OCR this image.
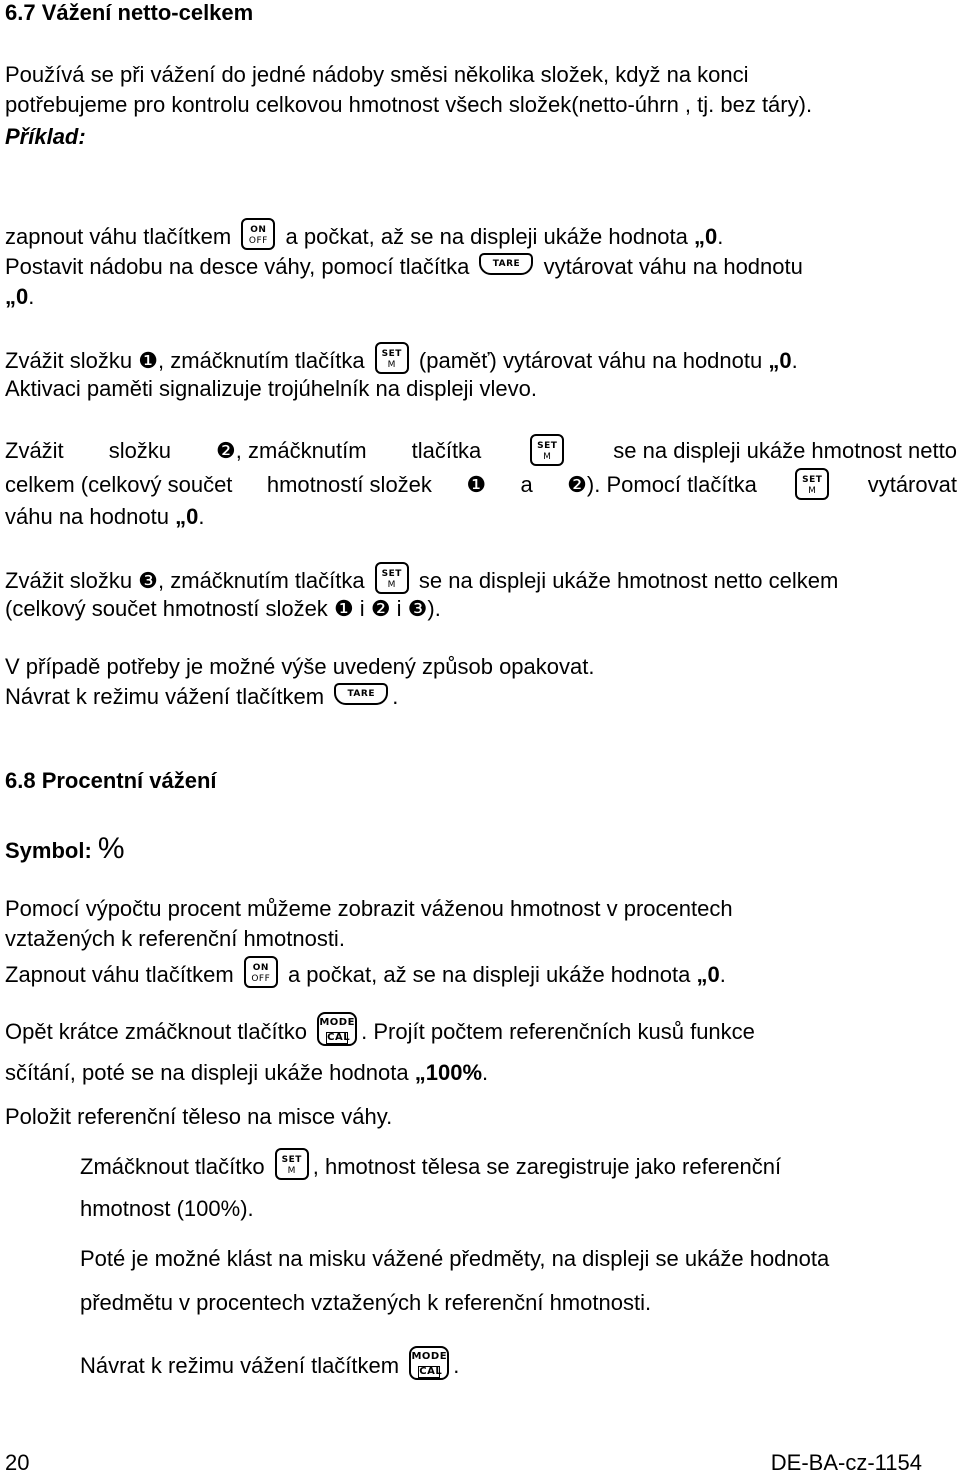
6.7 Vážení netto-celkem
Používá se při vážení do jedné nádoby směsi několika složek, když na konci
potřebujeme pro kontrolu celkovou hmotnost všech složek(netto-úhrn , tj. bez táry).
Příklad:
zapnout váhu tlačítkem	ON
OFF a počkat, až se na displeji ukáže hodnota „0.
Postavit nádobu na desce váhy, pomocí tlačítka	TARE	vytárovat váhu na hodnotu
„0.
Zvážit složku ❶, zmáčknutím tlačítka	SET
M	(paměť) vytárovat váhu na hodnotu „0.
Aktivaci paměti signalizuje trojúhelník na displeji vlevo.
Zvážit složku ❷, zmáčknutím tlačítka	SET
M	se na displeji ukáže hmotnost netto
celkem (celkový součet hmotností složek ❶ a ❷). Pomocí tlačítka	SET
M	vytárovat
váhu na hodnotu „0.
Zvážit složku ❸, zmáčknutím tlačítka	SET
M	se na displeji ukáže hmotnost netto celkem
(celkový součet hmotností složek ❶ i ❷ i ❸).
V případě potřeby je možné výše uvedený způsob opakovat.
Návrat k režimu vážení tlačítkem	TARE .
6.8 Procentní vážení
Symbol: %
Pomocí výpočtu procent můžeme zobrazit váženou hmotnost v procentech
vztažených k referenční hmotnosti.
Zapnout váhu tlačítkem	ON
OFF a počkat, až se na displeji ukáže hodnota „0.
Opět krátce zmáčknout tlačítko MODE
CAL . Projít počtem referenčních kusů funkce
sčítání, poté se na displeji ukáže hodnota „100%.
Položit referenční těleso na misce váhy.
Zmáčknout tlačítko	SET
M , hmotnost tělesa se zaregistruje jako referenční
hmotnost (100%).
Poté je možné klást na misku vážené předměty, na displeji se ukáže hodnota
předmětu v procentech vztažených k referenční hmotnosti.
Návrat k režimu vážení tlačítkem MODE
CAL .
20	DE-BA-cz-1154
